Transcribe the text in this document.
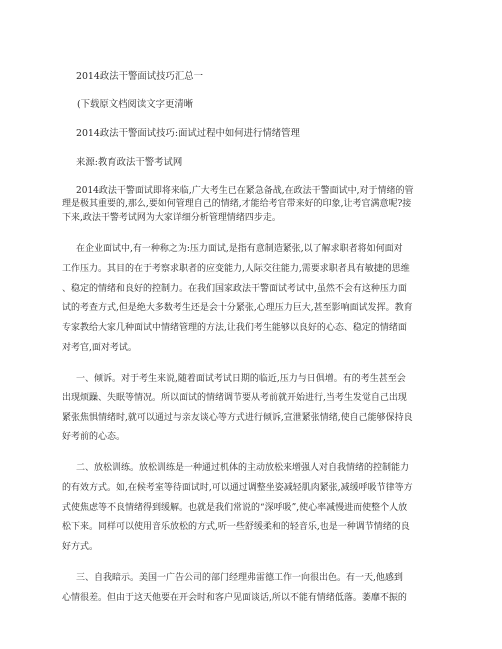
2014政法干警面试技巧汇总一
(下载原文档阅读文字更清晰
2014政法干警面试技巧:面试过程中如何进行情绪管理
来源:教育政法干警考试网
2014政法干警面试即将来临,广大考生已在紧急备战,在政法干警面试中,对于情绪的管
理是极其重要的,那么,要如何管理自己的情绪,才能给考官带来好的印象,让考官满意呢?接
下来,政法干警考试网为大家详细分析管理情绪四步走。
在企业面试中,有一种称之为:压力面试,是指有意制造紧张,以了解求职者将如何面对
工作压力。其目的在于考察求职者的应变能力,人际交往能力,需要求职者具有敏捷的思维
、稳定的情绪和良好的控制力。在我们国家政法干警面试考试中,虽然不会有这种压力面
试的考查方式,但是绝大多数考生还是会十分紧张,心理压力巨大,甚至影响面试发挥。教育
专家教给大家几种面试中情绪管理的方法,让我们考生能够以良好的心态、稳定的情绪面
对考官,面对考试。
一、倾诉。对于考生来说,随着面试考试日期的临近,压力与日俱增。有的考生甚至会
出现烦躁、失眠等情况。所以面试的情绪调节要从考前就开始进行,当考生发觉自己出现
紧张焦惧情绪时,就可以通过与亲友谈心等方式进行倾诉,宣泄紧张情绪,使自己能够保持良
好考前的心态。
二、放松训练。放松训练是一种通过机体的主动放松来增强人对自我情绪的控制能力
的有效方式。如,在候考室等待面试时,可以通过调整坐姿减轻肌肉紧张,减缓呼吸节律等方
式使焦虑等不良情绪得到缓解。也就是我们常说的“深呼吸”,使心率减慢进而使整个人放
松下来。同样可以使用音乐放松的方式,听一些舒缓柔和的轻音乐,也是一种调节情绪的良
好方式。
三、自我暗示。美国一广告公司的部门经理弗雷德工作一向很出色。有一天,他感到
心情很差。但由于这天他要在开会时和客户见面谈话,所以不能有情绪低落。萎靡不振的
